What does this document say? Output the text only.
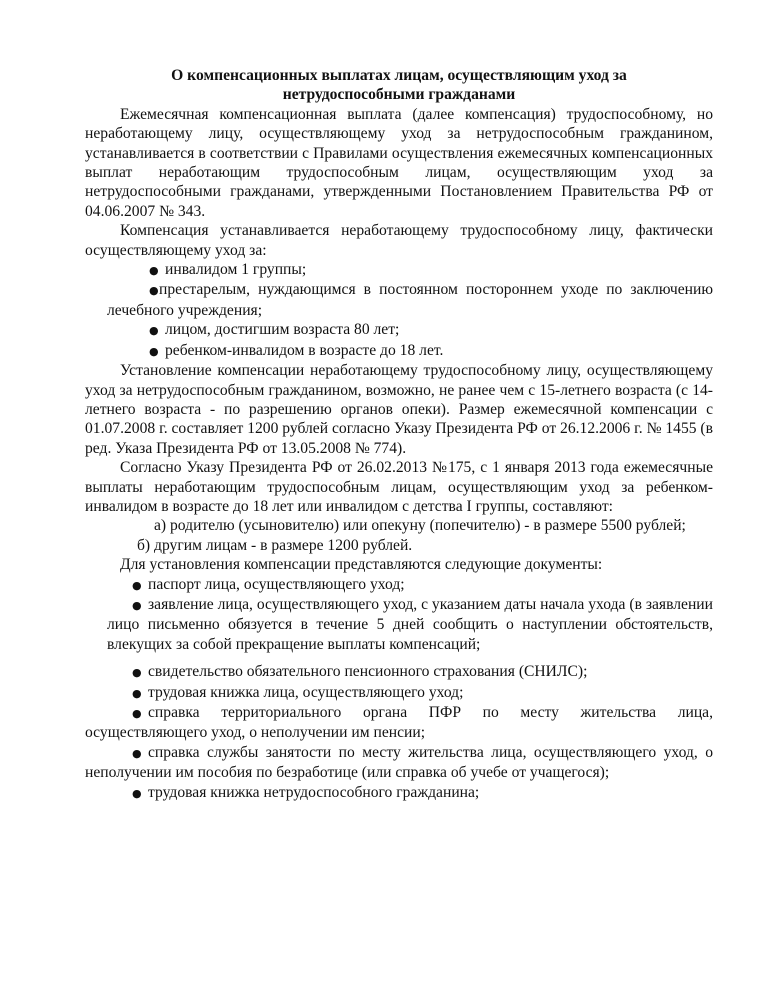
О компенсационных выплатах лицам, осуществляющим уход за нетрудоспособными гражданами

Ежемесячная компенсационная выплата (далее компенсация) трудоспособному, но неработающему лицу, осуществляющему уход за нетрудоспособным гражданином, устанавливается в соответствии с Правилами осуществления ежемесячных компенсационных выплат неработающим трудоспособным лицам, осуществляющим уход за нетрудоспособными гражданами, утвержденными Постановлением Правительства РФ от 04.06.2007 № 343.

Компенсация устанавливается неработающему трудоспособному лицу, фактически осуществляющему уход за:

● инвалидом 1 группы;
●престарелым, нуждающимся в постоянном постороннем уходе по заключению лечебного учреждения;
● лицом, достигшим возраста 80 лет;
● ребенком-инвалидом в возрасте до 18 лет.

Установление компенсации неработающему трудоспособному лицу, осуществляющему уход за нетрудоспособным гражданином, возможно, не ранее чем с 15-летнего возраста (с 14-летнего возраста - по разрешению органов опеки). Размер ежемесячной компенсации с 01.07.2008 г. составляет 1200 рублей согласно Указу Президента РФ от 26.12.2006 г. № 1455 (в ред. Указа Президента РФ от 13.05.2008 № 774).

Согласно Указу Президента РФ от 26.02.2013 №175, с 1 января 2013 года ежемесячные выплаты неработающим трудоспособным лицам, осуществляющим уход за ребенком-инвалидом в возрасте до 18 лет или инвалидом с детства I группы, составляют:

а) родителю (усыновителю) или опекуну (попечителю) - в размере 5500 рублей;

б) другим лицам - в размере 1200 рублей.

Для установления компенсации представляются следующие документы:

● паспорт лица, осуществляющего уход;
● заявление лица, осуществляющего уход, с указанием даты начала ухода (в заявлении лицо письменно обязуется в течение 5 дней сообщить о наступлении обстоятельств, влекущих за собой прекращение выплаты компенсаций;
● свидетельство обязательного пенсионного страхования (СНИЛС);
● трудовая книжка лица, осуществляющего уход;
● справка территориального органа ПФР по месту жительства лица, осуществляющего уход, о неполучении им пенсии;
● справка службы занятости по месту жительства лица, осуществляющего уход, о неполучении им пособия по безработице (или справка об учебе от учащегося);
● трудовая книжка нетрудоспособного гражданина;
